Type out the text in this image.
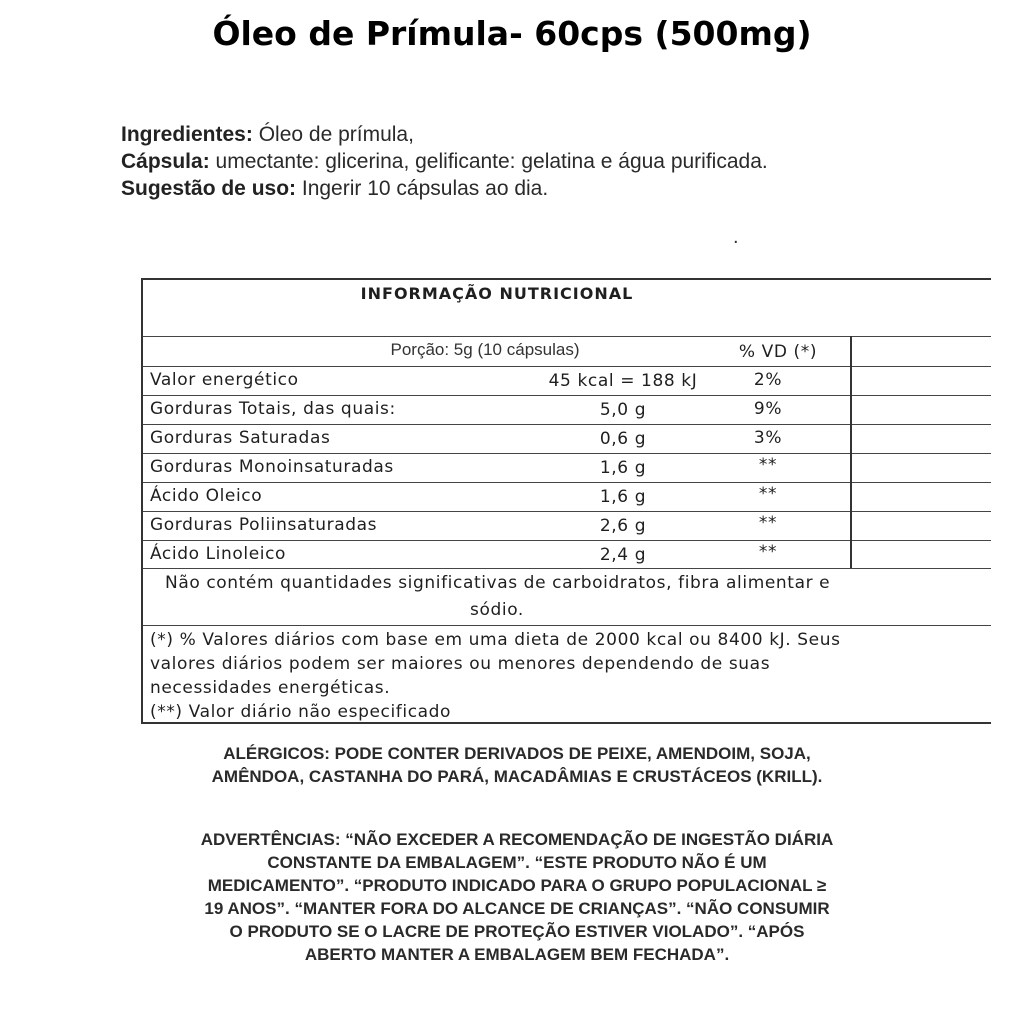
Óleo de Prímula- 60cps (500mg)

Ingredientes: Óleo de prímula,

Cápsula: umectante: glicerina, gelificante: gelatina e água purificada.

Sugestão de uso: Ingerir 10 cápsulas ao dia.

.
INFORMAÇÃO NUTRICIONAL
Porção: 5g (10 cápsulas)	% VD (*)
Valor energético	45 kcal = 188 kJ	2%
Gorduras Totais, das quais:	5,0 g	9%
Gorduras Saturadas	0,6 g	3%
Gorduras Monoinsaturadas	1,6 g	**
Ácido Oleico	1,6 g	**
Gorduras Poliinsaturadas	2,6 g	**
Ácido Linoleico	2,4 g	**
Não contém quantidades significativas de carboidratos, fibra alimentar e
sódio.
(*) % Valores diários com base em uma dieta de 2000 kcal ou 8400 kJ. Seus
valores diários podem ser maiores ou menores dependendo de suas
necessidades energéticas.
(**) Valor diário não especificado

ALÉRGICOS: PODE CONTER DERIVADOS DE PEIXE, AMENDOIM, SOJA,

AMÊNDOA, CASTANHA DO PARÁ, MACADÂMIAS E CRUSTÁCEOS (KRILL).

ADVERTÊNCIAS: “NÃO EXCEDER A RECOMENDAÇÃO DE INGESTÃO DIÁRIA

CONSTANTE DA EMBALAGEM”. “ESTE PRODUTO NÃO É UM

MEDICAMENTO”. “PRODUTO INDICADO PARA O GRUPO POPULACIONAL ≥

19 ANOS”. “MANTER FORA DO ALCANCE DE CRIANÇAS”. “NÃO CONSUMIR

O PRODUTO SE O LACRE DE PROTEÇÃO ESTIVER VIOLADO”. “APÓS

ABERTO MANTER A EMBALAGEM BEM FECHADA”.
